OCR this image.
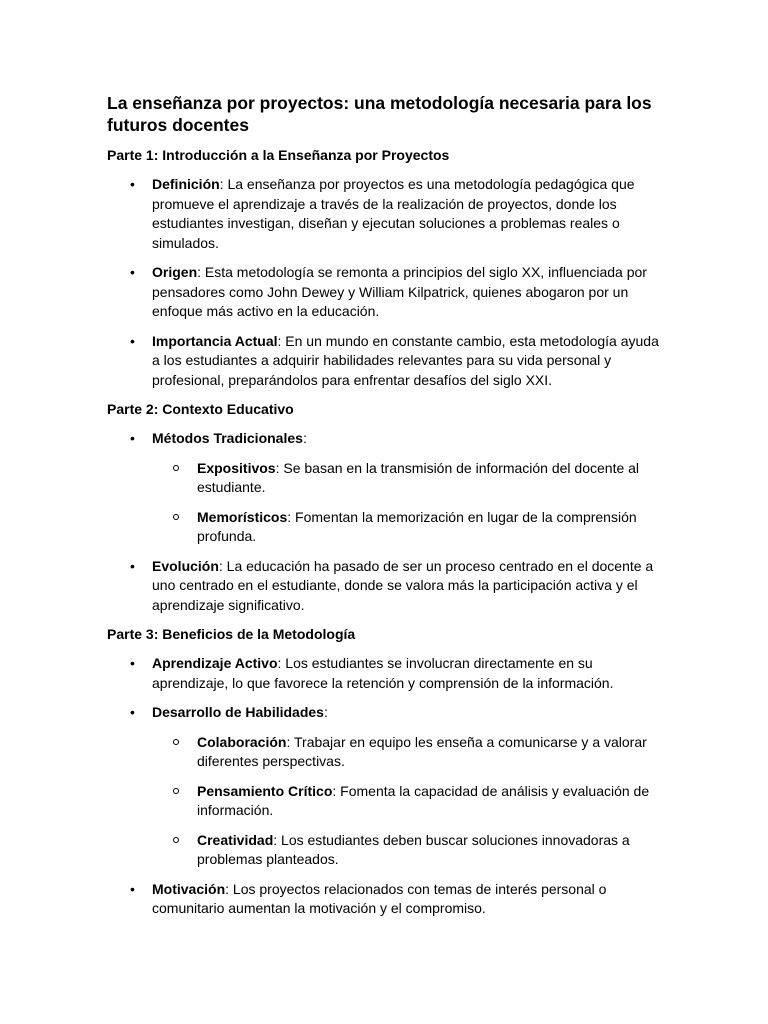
La enseñanza por proyectos: una metodología necesaria para los futuros docentes
Parte 1: Introducción a la Enseñanza por Proyectos
• Definición: La enseñanza por proyectos es una metodología pedagógica que promueve el aprendizaje a través de la realización de proyectos, donde los estudiantes investigan, diseñan y ejecutan soluciones a problemas reales o simulados.
• Origen: Esta metodología se remonta a principios del siglo XX, influenciada por pensadores como John Dewey y William Kilpatrick, quienes abogaron por un enfoque más activo en la educación.
• Importancia Actual: En un mundo en constante cambio, esta metodología ayuda a los estudiantes a adquirir habilidades relevantes para su vida personal y profesional, preparándolos para enfrentar desafíos del siglo XXI.
Parte 2: Contexto Educativo
• Métodos Tradicionales:
Expositivos: Se basan en la transmisión de información del docente al estudiante.
Memorísticos: Fomentan la memorización en lugar de la comprensión profunda.
• Evolución: La educación ha pasado de ser un proceso centrado en el docente a uno centrado en el estudiante, donde se valora más la participación activa y el aprendizaje significativo.
Parte 3: Beneficios de la Metodología
• Aprendizaje Activo: Los estudiantes se involucran directamente en su aprendizaje, lo que favorece la retención y comprensión de la información.
• Desarrollo de Habilidades:
Colaboración: Trabajar en equipo les enseña a comunicarse y a valorar diferentes perspectivas.
Pensamiento Crítico: Fomenta la capacidad de análisis y evaluación de información.
Creatividad: Los estudiantes deben buscar soluciones innovadoras a problemas planteados.
• Motivación: Los proyectos relacionados con temas de interés personal o comunitario aumentan la motivación y el compromiso.
